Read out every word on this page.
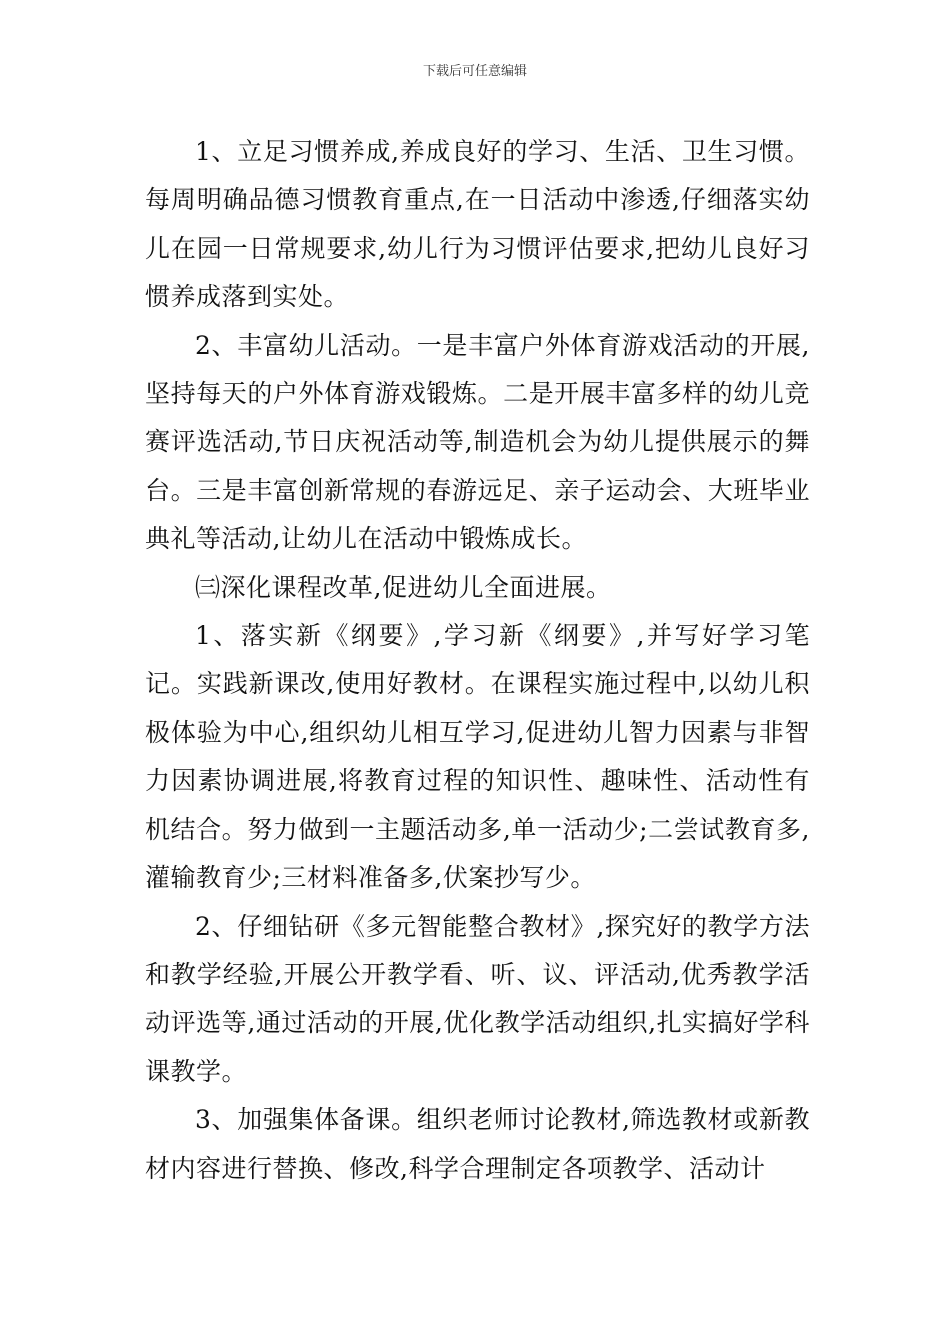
下载后可任意编辑

1、立足习惯养成,养成良好的学习、生活、卫生习惯。每周明确品德习惯教育重点,在一日活动中渗透,仔细落实幼儿在园一日常规要求,幼儿行为习惯评估要求,把幼儿良好习惯养成落到实处。

2、丰富幼儿活动。一是丰富户外体育游戏活动的开展,坚持每天的户外体育游戏锻炼。二是开展丰富多样的幼儿竞赛评选活动,节日庆祝活动等,制造机会为幼儿提供展示的舞台。三是丰富创新常规的春游远足、亲子运动会、大班毕业典礼等活动,让幼儿在活动中锻炼成长。

㈢深化课程改革,促进幼儿全面进展。

1、落实新《纲要》,学习新《纲要》,并写好学习笔记。实践新课改,使用好教材。在课程实施过程中,以幼儿积极体验为中心,组织幼儿相互学习,促进幼儿智力因素与非智力因素协调进展,将教育过程的知识性、趣味性、活动性有机结合。努力做到一主题活动多,单一活动少;二尝试教育多,灌输教育少;三材料准备多,伏案抄写少。

2、仔细钻研《多元智能整合教材》,探究好的教学方法和教学经验,开展公开教学看、听、议、评活动,优秀教学活动评选等,通过活动的开展,优化教学活动组织,扎实搞好学科课教学。

3、加强集体备课。组织老师讨论教材,筛选教材或新教材内容进行替换、修改,科学合理制定各项教学、活动计
